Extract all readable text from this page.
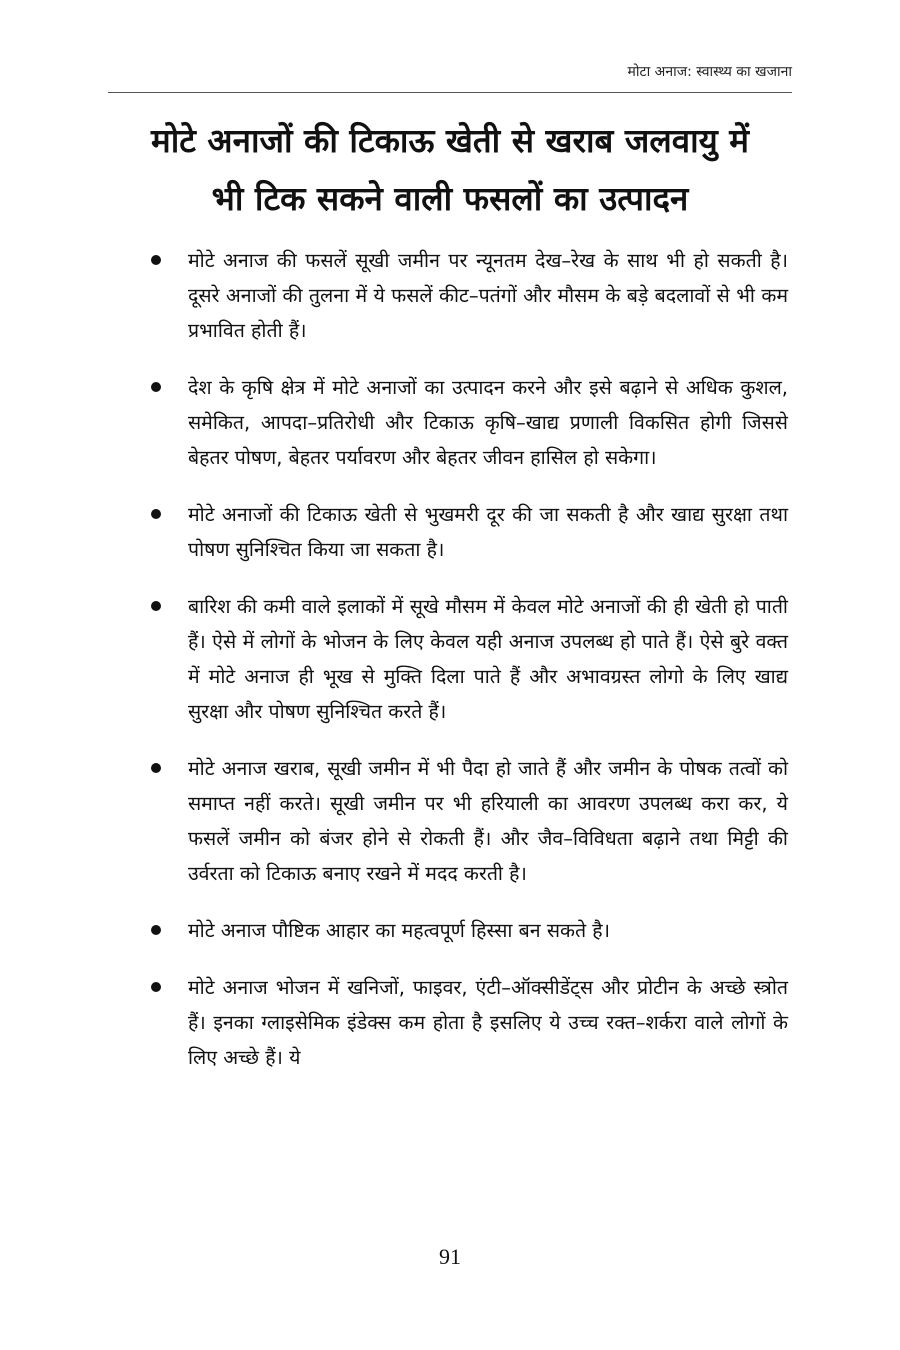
मोटा अनाज: स्वास्थ्य का खजाना
मोटे अनाजों की टिकाऊ खेती से खराब जलवायु में
भी टिक सकने वाली फसलों का उत्पादन
मोटे अनाज की फसलें सूखी जमीन पर न्यूनतम देख–रेख के साथ भी हो सकती है। दूसरे अनाजों की तुलना में ये फसलें कीट–पतंगों और मौसम के बड़े बदलावों से भी कम प्रभावित होती हैं।
देश के कृषि क्षेत्र में मोटे अनाजों का उत्पादन करने और इसे बढ़ाने से अधिक कुशल, समेकित, आपदा–प्रतिरोधी और टिकाऊ कृषि–खाद्य प्रणाली विकसित होगी जिससे बेहतर पोषण, बेहतर पर्यावरण और बेहतर जीवन हासिल हो सकेगा।
मोटे अनाजों की टिकाऊ खेती से भुखमरी दूर की जा सकती है और खाद्य सुरक्षा तथा पोषण सुनिश्चित किया जा सकता है।
बारिश की कमी वाले इलाकों में सूखे मौसम में केवल मोटे अनाजों की ही खेती हो पाती हैं। ऐसे में लोगों के भोजन के लिए केवल यही अनाज उपलब्ध हो पाते हैं। ऐसे बुरे वक्त में मोटे अनाज ही भूख से मुक्ति दिला पाते हैं और अभावग्रस्त लोगो के लिए खाद्य सुरक्षा और पोषण सुनिश्चित करते हैं।
मोटे अनाज खराब, सूखी जमीन में भी पैदा हो जाते हैं और जमीन के पोषक तत्वों को समाप्त नहीं करते। सूखी जमीन पर भी हरियाली का आवरण उपलब्ध करा कर, ये फसलें जमीन को बंजर होने से रोकती हैं। और जैव–विविधता बढ़ाने तथा मिट्टी की उर्वरता को टिकाऊ बनाए रखने में मदद करती है।
मोटे अनाज पौष्टिक आहार का महत्वपूर्ण हिस्सा बन सकते है।
मोटे अनाज भोजन में खनिजों, फाइवर, एंटी–ऑक्सीडेंट्स और प्रोटीन के अच्छे स्त्रोत हैं। इनका ग्लाइसेमिक इंडेक्स कम होता है इसलिए ये उच्च रक्त–शर्करा वाले लोगों के लिए अच्छे हैं। ये
91
